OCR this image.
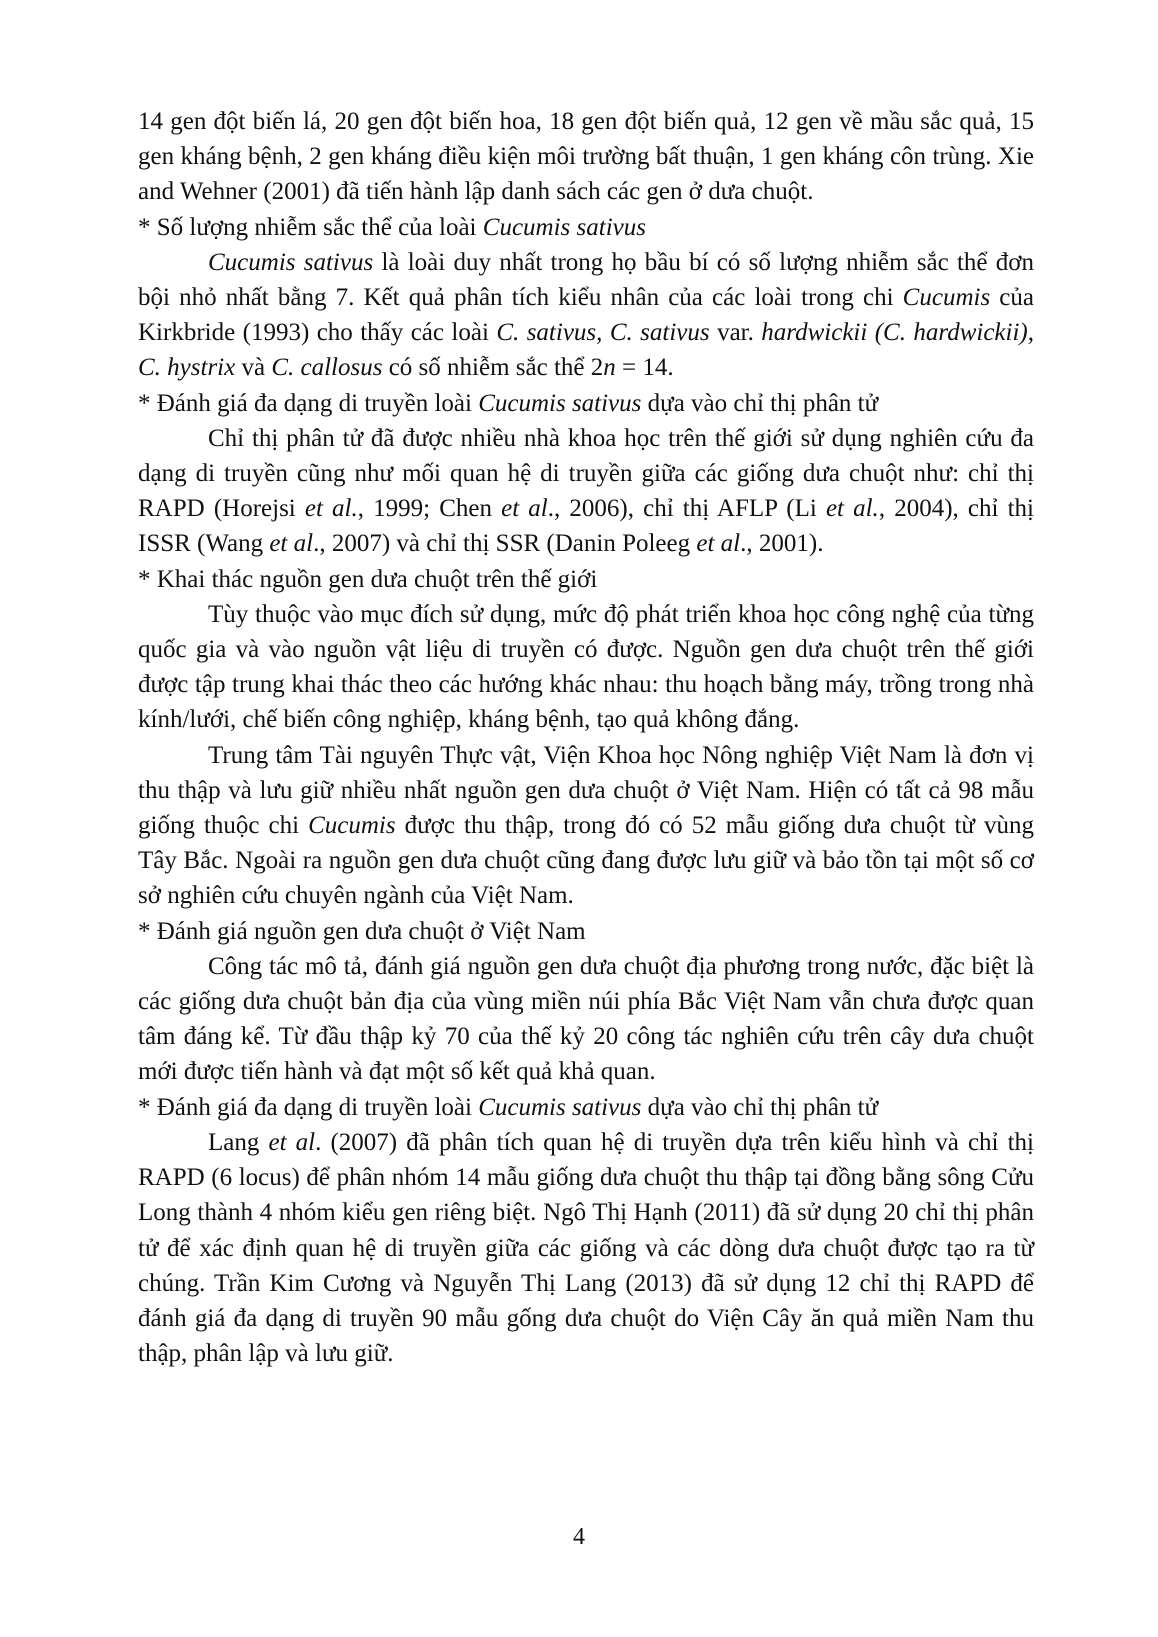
14 gen đột biến lá, 20 gen đột biến hoa, 18 gen đột biến quả, 12 gen về mầu sắc quả, 15 gen kháng bệnh, 2 gen kháng điều kiện môi trường bất thuận, 1 gen kháng côn trùng. Xie and Wehner (2001) đã tiến hành lập danh sách các gen ở dưa chuột.

* Số lượng nhiễm sắc thể của loài Cucumis sativus

Cucumis sativus là loài duy nhất trong họ bầu bí có số lượng nhiễm sắc thể đơn bội nhỏ nhất bằng 7. Kết quả phân tích kiểu nhân của các loài trong chi Cucumis của Kirkbride (1993) cho thấy các loài C. sativus, C. sativus var. hardwickii (C. hardwickii), C. hystrix và C. callosus có số nhiễm sắc thể 2n = 14.

* Đánh giá đa dạng di truyền loài Cucumis sativus dựa vào chỉ thị phân tử

Chỉ thị phân tử đã được nhiều nhà khoa học trên thế giới sử dụng nghiên cứu đa dạng di truyền cũng như mối quan hệ di truyền giữa các giống dưa chuột như: chỉ thị RAPD (Horejsi et al., 1999; Chen et al., 2006), chỉ thị AFLP (Li et al., 2004), chỉ thị ISSR (Wang et al., 2007) và chỉ thị SSR (Danin Poleeg et al., 2001).

* Khai thác nguồn gen dưa chuột trên thế giới

Tùy thuộc vào mục đích sử dụng, mức độ phát triển khoa học công nghệ của từng quốc gia và vào nguồn vật liệu di truyền có được. Nguồn gen dưa chuột trên thế giới được tập trung khai thác theo các hướng khác nhau: thu hoạch bằng máy, trồng trong nhà kính/lưới, chế biến công nghiệp, kháng bệnh, tạo quả không đắng.

Trung tâm Tài nguyên Thực vật, Viện Khoa học Nông nghiệp Việt Nam là đơn vị thu thập và lưu giữ nhiều nhất nguồn gen dưa chuột ở Việt Nam. Hiện có tất cả 98 mẫu giống thuộc chi Cucumis được thu thập, trong đó có 52 mẫu giống dưa chuột từ vùng Tây Bắc. Ngoài ra nguồn gen dưa chuột cũng đang được lưu giữ và bảo tồn tại một số cơ sở nghiên cứu chuyên ngành của Việt Nam.

* Đánh giá nguồn gen dưa chuột ở Việt Nam

Công tác mô tả, đánh giá nguồn gen dưa chuột địa phương trong nước, đặc biệt là các giống dưa chuột bản địa của vùng miền núi phía Bắc Việt Nam vẫn chưa được quan tâm đáng kể. Từ đầu thập kỷ 70 của thế kỷ 20 công tác nghiên cứu trên cây dưa chuột mới được tiến hành và đạt một số kết quả khả quan.

* Đánh giá đa dạng di truyền loài Cucumis sativus dựa vào chỉ thị phân tử

Lang et al. (2007) đã phân tích quan hệ di truyền dựa trên kiểu hình và chỉ thị RAPD (6 locus) để phân nhóm 14 mẫu giống dưa chuột thu thập tại đồng bằng sông Cửu Long thành 4 nhóm kiểu gen riêng biệt. Ngô Thị Hạnh (2011) đã sử dụng 20 chỉ thị phân tử để xác định quan hệ di truyền giữa các giống và các dòng dưa chuột được tạo ra từ chúng. Trần Kim Cương và Nguyễn Thị Lang (2013) đã sử dụng 12 chỉ thị RAPD để đánh giá đa dạng di truyền 90 mẫu gống dưa chuột do Viện Cây ăn quả miền Nam thu thập, phân lập và lưu giữ.

4
